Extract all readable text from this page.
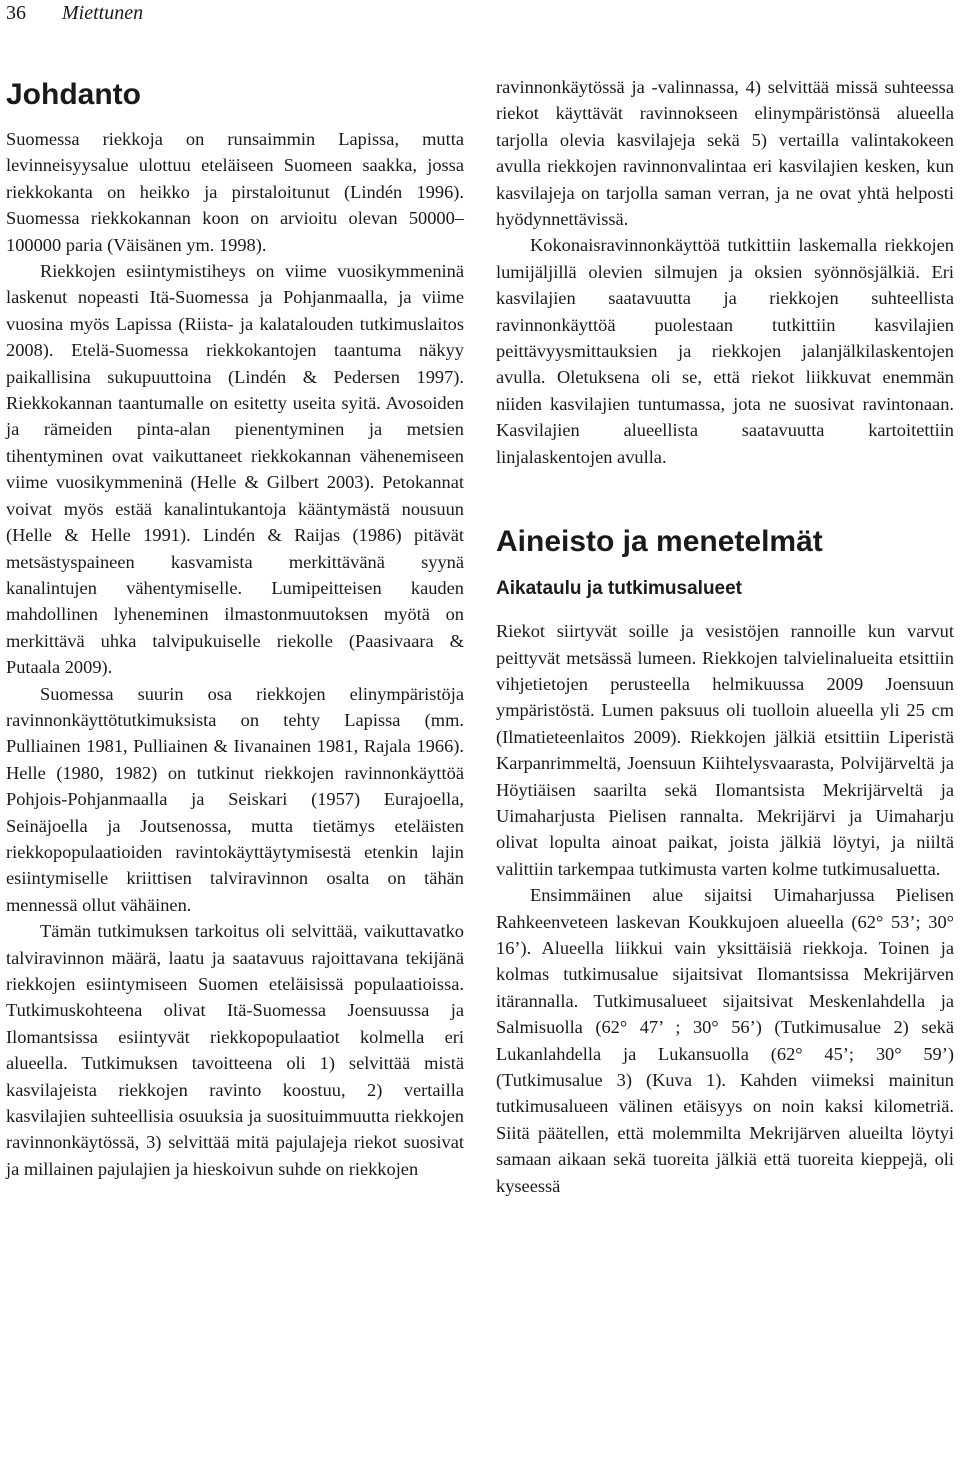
36 Miettunen
Johdanto

Suomessa riekkoja on runsaimmin Lapissa, mutta levinneisyysalue ulottuu eteläiseen Suomeen saakka, jossa riekkokanta on heikko ja pirstaloitunut (Lindén 1996). Suomessa riekkokannan koon on arvioitu olevan 50000–100000 paria (Väisänen ym. 1998).

Riekkojen esiintymistiheys on viime vuosikymmeninä laskenut nopeasti Itä-Suomessa ja Pohjanmaalla, ja viime vuosina myös Lapissa (Riista- ja kalatalouden tutkimuslaitos 2008). Etelä-Suomessa riekkokantojen taantuma näkyy paikallisina sukupuuttoina (Lindén & Pedersen 1997). Riekkokannan taantumalle on esitetty useita syitä. Avosoiden ja rämeiden pinta-alan pienentyminen ja metsien tihentyminen ovat vaikuttaneet riekkokannan vähenemiseen viime vuosikymmeninä (Helle & Gilbert 2003). Petokannat voivat myös estää kanalintukantoja kääntymästä nousuun (Helle & Helle 1991). Lindén & Raijas (1986) pitävät metsästyspaineen kasvamista merkittävänä syynä kanalintujen vähentymiselle. Lumipeitteisen kauden mahdollinen lyheneminen ilmastonmuutoksen myötä on merkittävä uhka talvipukuiselle riekolle (Paasivaara & Putaala 2009).

Suomessa suurin osa riekkojen elinympäristöja ravinnonkäyttötutkimuksista on tehty Lapissa (mm. Pulliainen 1981, Pulliainen & Iivanainen 1981, Rajala 1966). Helle (1980, 1982) on tutkinut riekkojen ravinnonkäyttöä Pohjois-Pohjanmaalla ja Seiskari (1957) Eurajoella, Seinäjoella ja Joutsenossa, mutta tietämys eteläisten riekkopopulaatioiden ravintokäyttäytymisestä etenkin lajin esiintymiselle kriittisen talviravinnon osalta on tähän mennessä ollut vähäinen.

Tämän tutkimuksen tarkoitus oli selvittää, vaikuttavatko talviravinnon määrä, laatu ja saatavuus rajoittavana tekijänä riekkojen esiintymiseen Suomen eteläisissä populaatioissa. Tutkimuskohteena olivat Itä-Suomessa Joensuussa ja Ilomantsissa esiintyvät riekkopopulaatiot kolmella eri alueella. Tutkimuksen tavoitteena oli 1) selvittää mistä kasvilajeista riekkojen ravinto koostuu, 2) vertailla kasvilajien suhteellisia osuuksia ja suosituimmuutta riekkojen ravinnonkäytössä, 3) selvittää mitä pajulajeja riekot suosivat ja millainen pajulajien ja hieskoivun suhde on riekkojen

ravinnonkäytössä ja -valinnassa, 4) selvittää missä suhteessa riekot käyttävät ravinnokseen elinympäristönsä alueella tarjolla olevia kasvilajeja sekä 5) vertailla valintakokeen avulla riekkojen ravinnonvalintaa eri kasvilajien kesken, kun kasvilajeja on tarjolla saman verran, ja ne ovat yhtä helposti hyödynnettävissä.

Kokonaisravinnonkäyttöä tutkittiin laskemalla riekkojen lumijäljillä olevien silmujen ja oksien syönnösjälkiä. Eri kasvilajien saatavuutta ja riekkojen suhteellista ravinnonkäyttöä puolestaan tutkittiin kasvilajien peittävyysmittauksien ja riekkojen jalanjälkilaskentojen avulla. Oletuksena oli se, että riekot liikkuvat enemmän niiden kasvilajien tuntumassa, jota ne suosivat ravintonaan. Kasvilajien alueellista saatavuutta kartoitettiin linjalaskentojen avulla.

Aineisto ja menetelmät
Aikataulu ja tutkimusalueet

Riekot siirtyvät soille ja vesistöjen rannoille kun varvut peittyvät metsässä lumeen. Riekkojen talvielinalueita etsittiin vihjetietojen perusteella helmikuussa 2009 Joensuun ympäristöstä. Lumen paksuus oli tuolloin alueella yli 25 cm (Ilmatieteenlaitos 2009). Riekkojen jälkiä etsittiin Liperistä Karpanrimmeltä, Joensuun Kiihtelysvaarasta, Polvijärveltä ja Höytiäisen saarilta sekä Ilomantsista Mekrijärveltä ja Uimaharjusta Pielisen rannalta. Mekrijärvi ja Uimaharju olivat lopulta ainoat paikat, joista jälkiä löytyi, ja niiltä valittiin tarkempaa tutkimusta varten kolme tutkimusaluetta.

Ensimmäinen alue sijaitsi Uimaharjussa Pielisen Rahkeenveteen laskevan Koukkujoen alueella (62° 53’; 30° 16’). Alueella liikkui vain yksittäisiä riekkoja. Toinen ja kolmas tutkimusalue sijaitsivat Ilomantsissa Mekrijärven itärannalla. Tutkimusalueet sijaitsivat Meskenlahdella ja Salmisuolla (62° 47’ ; 30° 56’) (Tutkimusalue 2) sekä Lukanlahdella ja Lukansuolla (62° 45’; 30° 59’) (Tutkimusalue 3) (Kuva 1). Kahden viimeksi mainitun tutkimusalueen välinen etäisyys on noin kaksi kilometriä. Siitä päätellen, että molemmilta Mekrijärven alueilta löytyi samaan aikaan sekä tuoreita jälkiä että tuoreita kieppejä, oli kyseessä
